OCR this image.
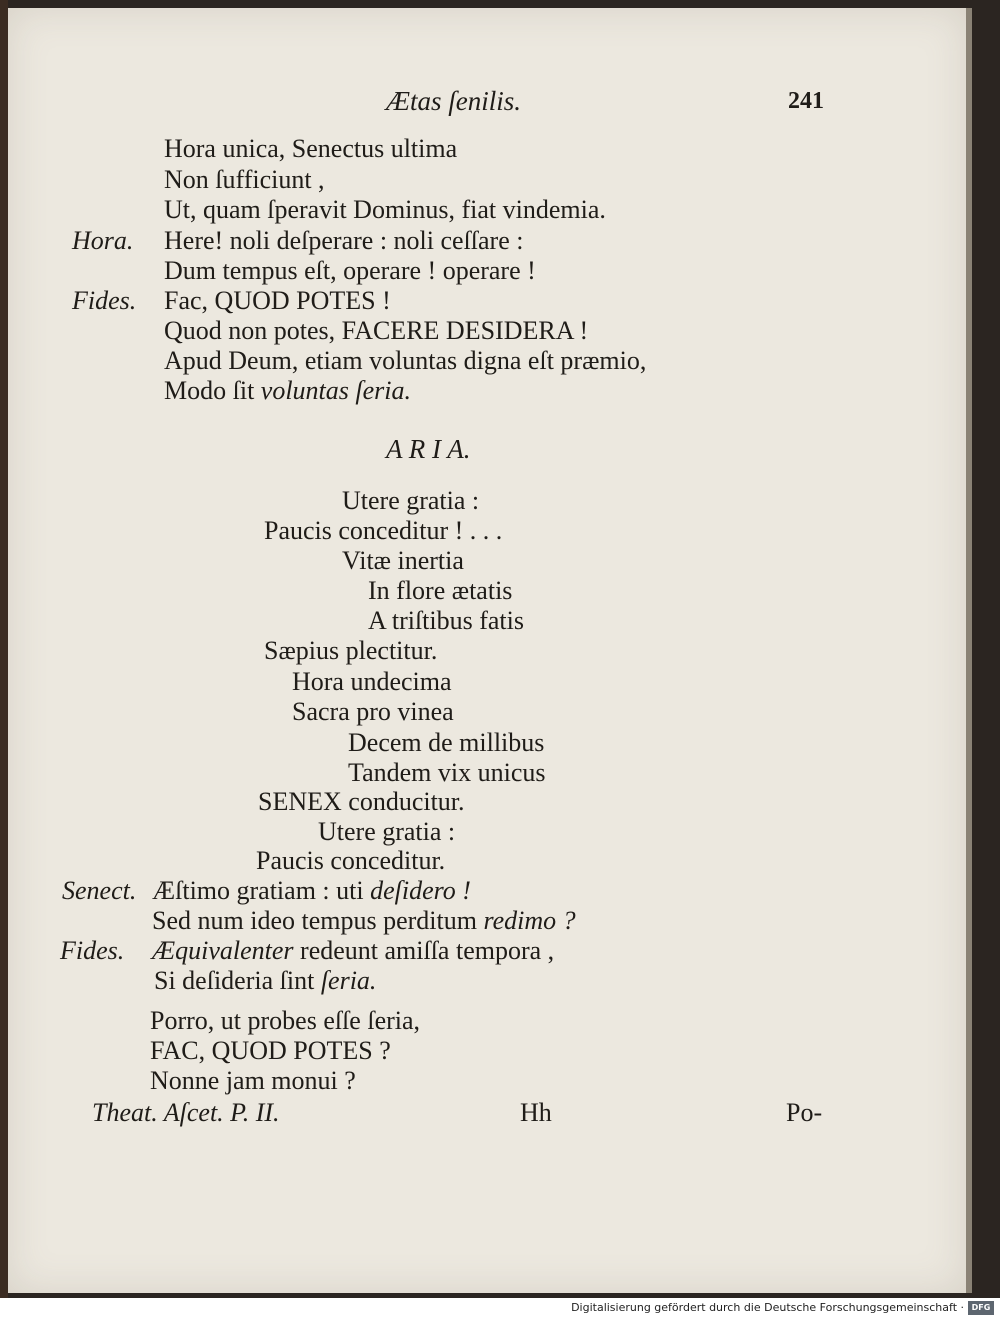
Ætas ſenilis.	241

Hora unica, Senectus ultima

Non ſufficiunt ,

Ut, quam ſperavit Dominus, fiat vindemia.

Hora. Here! noli deſperare : noli ceſſare :

Dum tempus eſt, operare ! operare !

Fides. Fac, QUOD POTES !

Quod non potes, FACERE DESIDERA !

Apud Deum, etiam voluntas digna eſt præmio,

Modo ſit voluntas ſeria.

A R I A.

Utere gratia :

Paucis conceditur ! . . .

Vitæ inertia

In flore ætatis

A triſtibus fatis

Sæpius plectitur.

Hora undecima

Sacra pro vinea

Decem de millibus

Tandem vix unicus

SENEX conducitur.

Utere gratia :

Paucis conceditur.

Senect. Æſtimo gratiam : uti deſidero !

Sed num ideo tempus perditum redimo ?

Fides. Æquivalenter redeunt amiſſa tempora ,

Si deſideria ſint ſeria.

Porro, ut probes eſſe ſeria,

FAC, QUOD POTES ?

Nonne jam monui ?

Theat. Aſcet. P. II.	Hh	Po-

Digitalisierung gefördert durch die Deutsche Forschungsgemeinschaft · DFG
